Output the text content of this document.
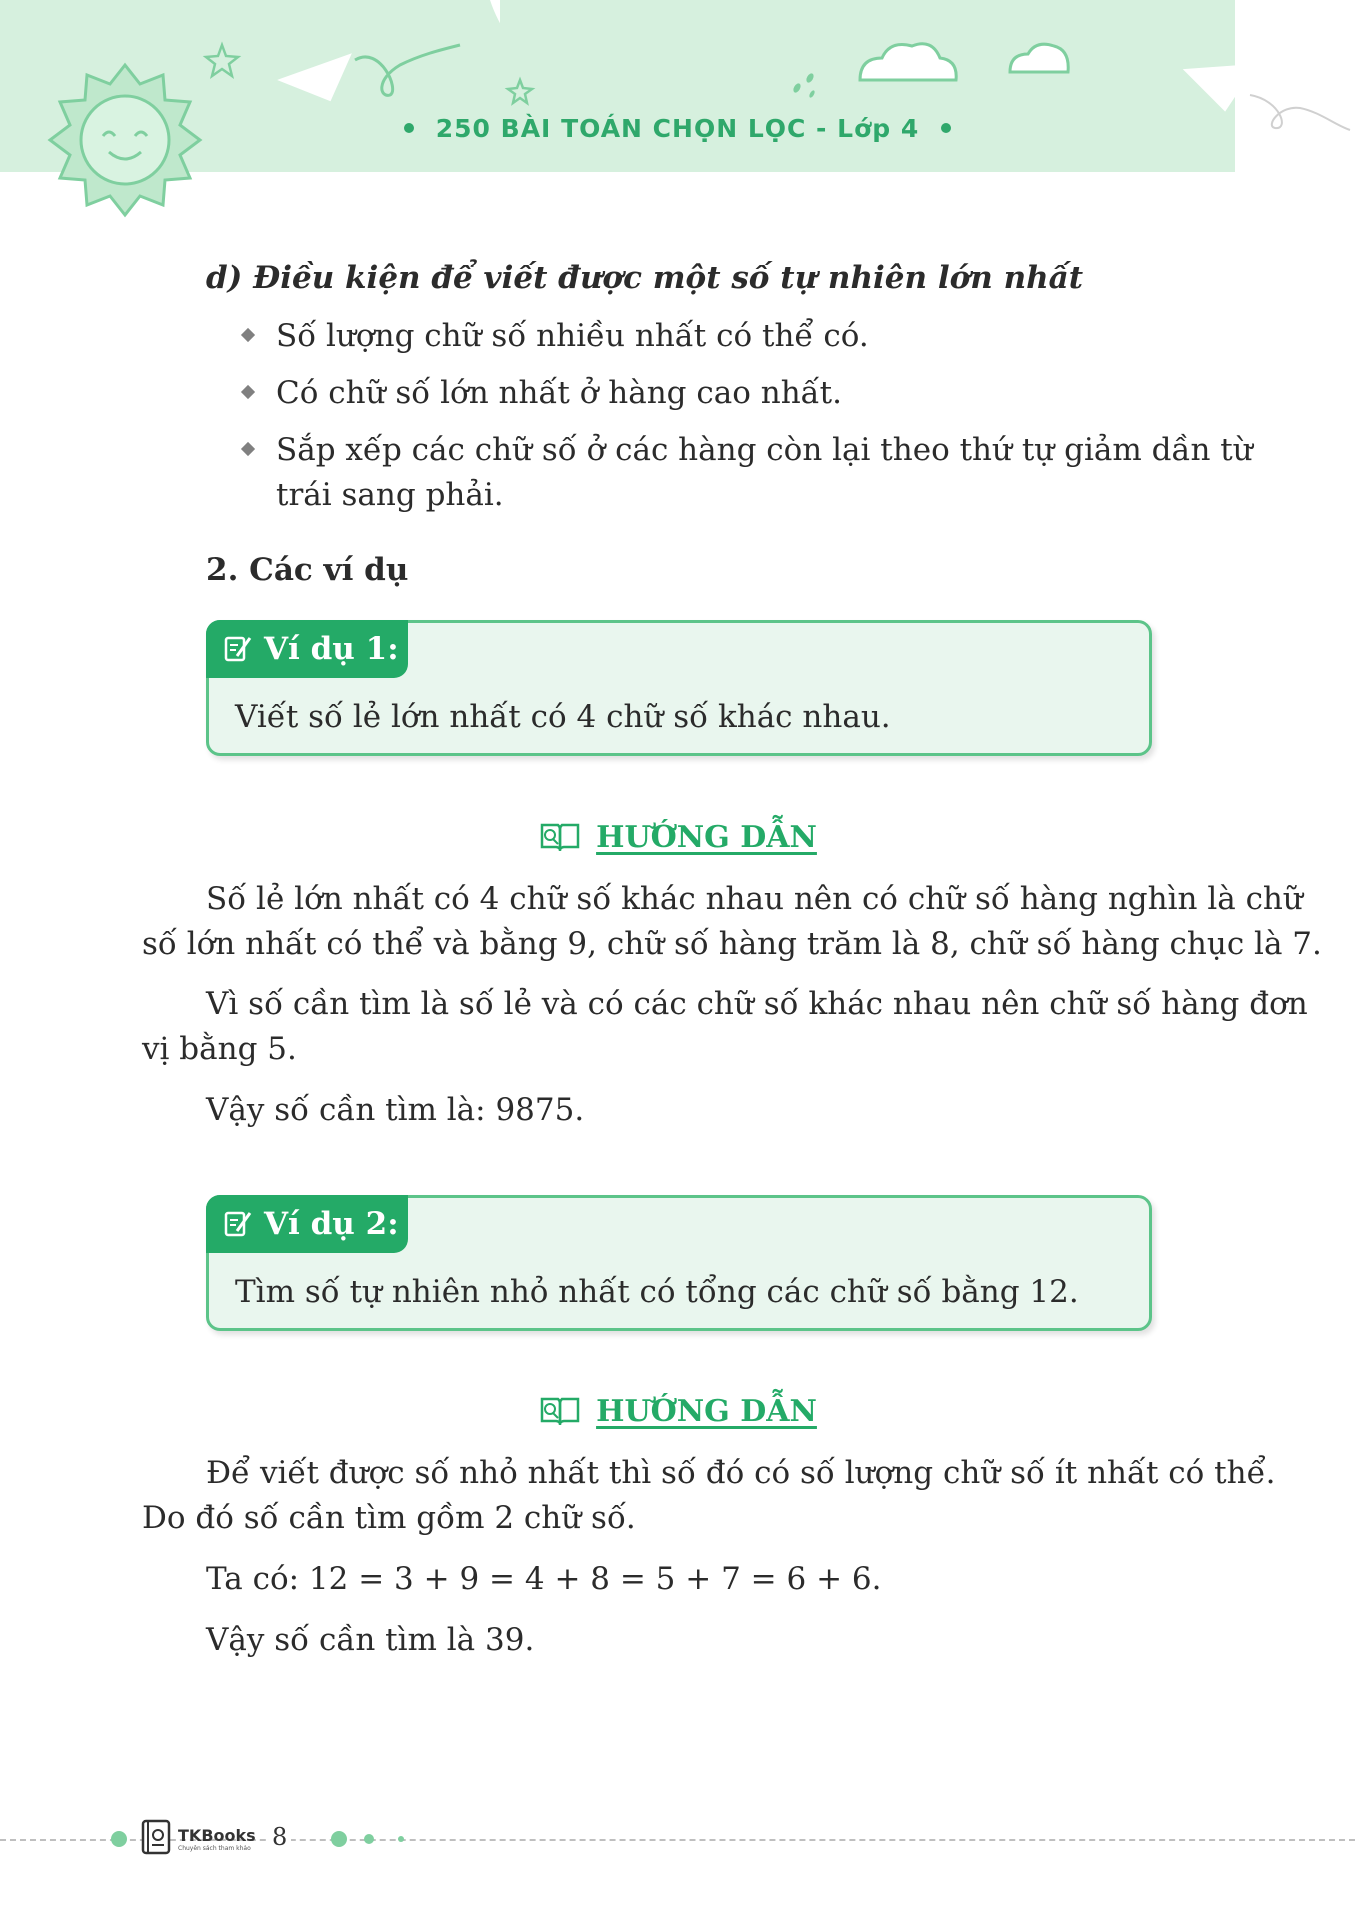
250 BÀI TOÁN CHỌN LỌC - Lớp 4
d) Điều kiện để viết được một số tự nhiên lớn nhất
Số lượng chữ số nhiều nhất có thể có.
Có chữ số lớn nhất ở hàng cao nhất.
Sắp xếp các chữ số ở các hàng còn lại theo thứ tự giảm dần từ
trái sang phải.
2. Các ví dụ
Ví dụ 1:
Viết số lẻ lớn nhất có 4 chữ số khác nhau.
HƯỚNG DẪN
Số lẻ lớn nhất có 4 chữ số khác nhau nên có chữ số hàng nghìn là chữ
số lớn nhất có thể và bằng 9, chữ số hàng trăm là 8, chữ số hàng chục là 7.
Vì số cần tìm là số lẻ và có các chữ số khác nhau nên chữ số hàng đơn
vị bằng 5.
Vậy số cần tìm là: 9875.
Ví dụ 2:
Tìm số tự nhiên nhỏ nhất có tổng các chữ số bằng 12.
HƯỚNG DẪN
Để viết được số nhỏ nhất thì số đó có số lượng chữ số ít nhất có thể.
Do đó số cần tìm gồm 2 chữ số.
Ta có: 12 = 3 + 9 = 4 + 8 = 5 + 7 = 6 + 6.
Vậy số cần tìm là 39.
TKBooks
Chuyên sách tham khảo 8
